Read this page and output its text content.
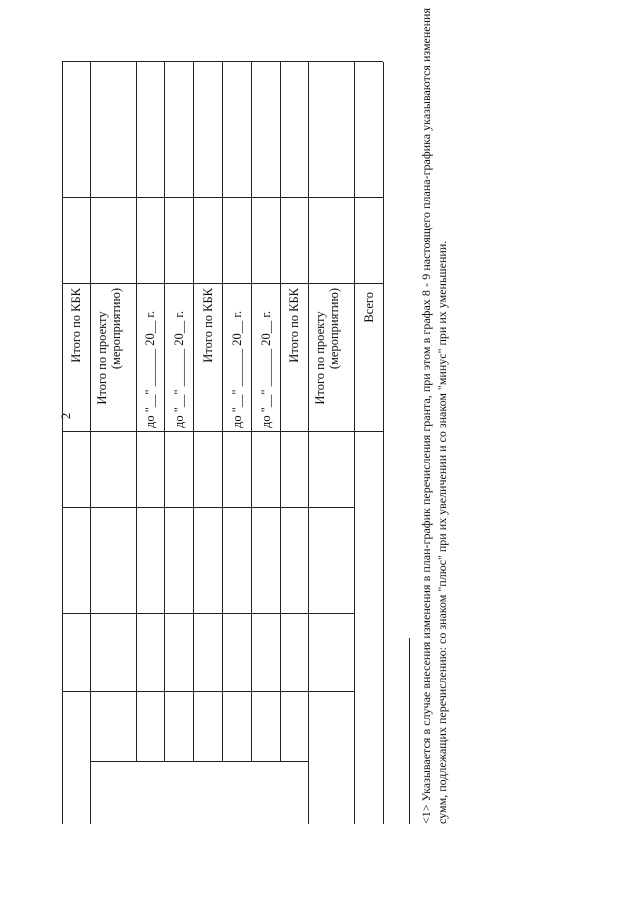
2
Итого по КБК Итого по проекту (мероприятию) до "__" ______ 20__ г. до "__" ______ 20__ г. Итого по КБК до "__" ______ 20__ г. до "__" ______ 20__ г. Итого по КБК Итого по проекту (мероприятию) Всего	<1> Указывается в случае внесения изменения в план-график перечисления гранта, при этом в графах 8 - 9 настоящего плана-графика указываются изменения сумм, подлежащих перечислению: со знаком "плюс" при их увеличении и со знаком "минус" при их уменьшении.
